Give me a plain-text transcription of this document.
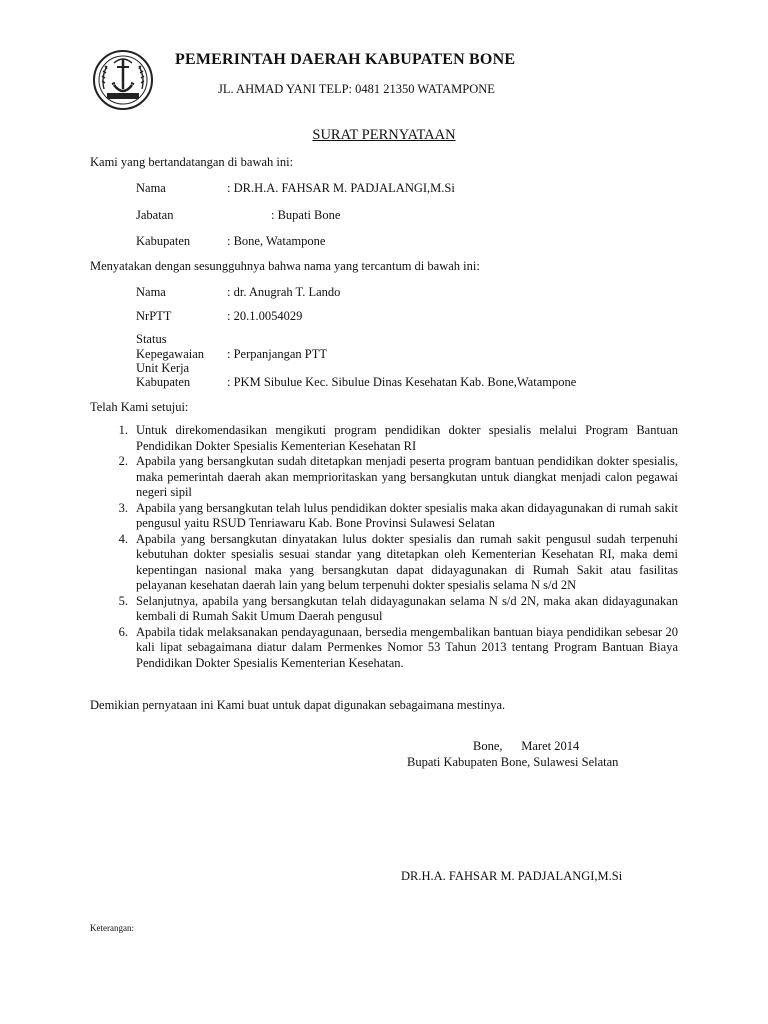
PEMERINTAH DAERAH KABUPATEN BONE
JL. AHMAD YANI TELP: 0481 21350 WATAMPONE
SURAT PERNYATAAN
Kami yang bertandatangan di bawah ini:
Nama	: DR.H.A. FAHSAR M. PADJALANGI,M.Si
Jabatan	: Bupati Bone
Kabupaten	: Bone, Watampone
Menyatakan dengan sesungguhnya bahwa nama yang tercantum di bawah ini:
Nama	: dr. Anugrah T. Lando
NrPTT	: 20.1.0054029
Status
Kepegawaian : Perpanjangan PTT
Unit Kerja
Kabupaten	: PKM Sibulue Kec. Sibulue Dinas Kesehatan Kab. Bone,Watampone
Telah Kami setujui:
1. Untuk direkomendasikan mengikuti program pendidikan dokter spesialis melalui Program Bantuan Pendidikan Dokter Spesialis Kementerian Kesehatan RI
2. Apabila yang bersangkutan sudah ditetapkan menjadi peserta program bantuan pendidikan dokter spesialis, maka pemerintah daerah akan memprioritaskan yang bersangkutan untuk diangkat menjadi calon pegawai negeri sipil
3. Apabila yang bersangkutan telah lulus pendidikan dokter spesialis maka akan didayagunakan di rumah sakit pengusul yaitu RSUD Tenriawaru Kab. Bone Provinsi Sulawesi Selatan
4. Apabila yang bersangkutan dinyatakan lulus dokter spesialis dan rumah sakit pengusul sudah terpenuhi kebutuhan dokter spesialis sesuai standar yang ditetapkan oleh Kementerian Kesehatan RI, maka demi kepentingan nasional maka yang bersangkutan dapat didayagunakan di Rumah Sakit atau fasilitas pelayanan kesehatan daerah lain yang belum terpenuhi dokter spesialis selama N s/d 2N
5. Selanjutnya, apabila yang bersangkutan telah didayagunakan selama N s/d 2N, maka akan didayagunakan kembali di Rumah Sakit Umum Daerah pengusul
6. Apabila tidak melaksanakan pendayagunaan, bersedia mengembalikan bantuan biaya pendidikan sebesar 20 kali lipat sebagaimana diatur dalam Permenkes Nomor 53 Tahun 2013 tentang Program Bantuan Biaya Pendidikan Dokter Spesialis Kementerian Kesehatan.
Demikian pernyataan ini Kami buat untuk dapat digunakan sebagaimana mestinya.
Bone,      Maret 2014
Bupati Kabupaten Bone, Sulawesi Selatan
DR.H.A. FAHSAR M. PADJALANGI,M.Si
Keterangan:
